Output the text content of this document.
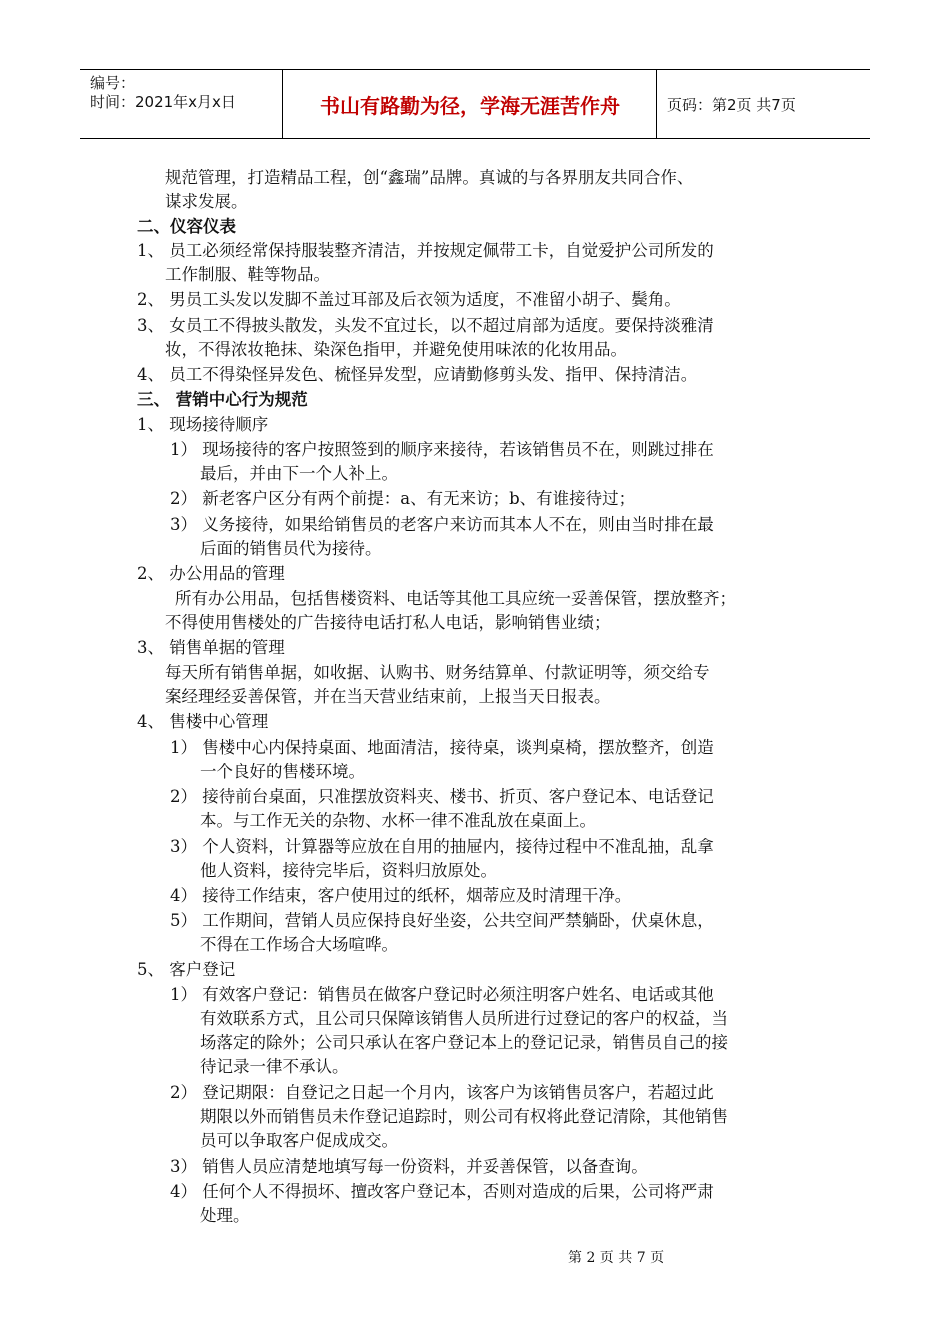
编号：
时间：2021年x月x日	书山有路勤为径，学海无涯苦作舟	页码：第2页 共7页
规范管理，打造精品工程，创“鑫瑞”品牌。真诚的与各界朋友共同合作、
谋求发展。
二、仪容仪表
1、 员工必须经常保持服装整齐清洁，并按规定佩带工卡，自觉爱护公司所发的
工作制服、鞋等物品。
2、 男员工头发以发脚不盖过耳部及后衣领为适度，不准留小胡子、鬓角。
3、 女员工不得披头散发，头发不宜过长，以不超过肩部为适度。要保持淡雅清
妆，不得浓妆艳抹、染深色指甲，并避免使用味浓的化妆用品。
4、 员工不得染怪异发色、梳怪异发型，应请勤修剪头发、指甲、保持清洁。
三、 营销中心行为规范
1、 现场接待顺序
1） 现场接待的客户按照签到的顺序来接待，若该销售员不在，则跳过排在
最后，并由下一个人补上。
2） 新老客户区分有两个前提：a、有无来访；b、有谁接待过；
3） 义务接待，如果给销售员的老客户来访而其本人不在，则由当时排在最
后面的销售员代为接待。
2、 办公用品的管理
所有办公用品，包括售楼资料、电话等其他工具应统一妥善保管，摆放整齐；
不得使用售楼处的广告接待电话打私人电话，影响销售业绩；
3、 销售单据的管理
每天所有销售单据，如收据、认购书、财务结算单、付款证明等，须交给专
案经理经妥善保管，并在当天营业结束前，上报当天日报表。
4、 售楼中心管理
1） 售楼中心内保持桌面、地面清洁，接待桌，谈判桌椅，摆放整齐，创造
一个良好的售楼环境。
2） 接待前台桌面，只准摆放资料夹、楼书、折页、客户登记本、电话登记
本。与工作无关的杂物、水杯一律不准乱放在桌面上。
3） 个人资料，计算器等应放在自用的抽屉内，接待过程中不准乱抽，乱拿
他人资料，接待完毕后，资料归放原处。
4） 接待工作结束，客户使用过的纸杯，烟蒂应及时清理干净。
5） 工作期间，营销人员应保持良好坐姿，公共空间严禁躺卧，伏桌休息，
不得在工作场合大场喧哗。
5、 客户登记
1） 有效客户登记：销售员在做客户登记时必须注明客户姓名、电话或其他
有效联系方式，且公司只保障该销售人员所进行过登记的客户的权益，当
场落定的除外；公司只承认在客户登记本上的登记记录，销售员自己的接
待记录一律不承认。
2） 登记期限：自登记之日起一个月内，该客户为该销售员客户，若超过此
期限以外而销售员未作登记追踪时，则公司有权将此登记清除，其他销售
员可以争取客户促成成交。
3） 销售人员应清楚地填写每一份资料，并妥善保管，以备查询。
4） 任何个人不得损坏、擅改客户登记本，否则对造成的后果，公司将严肃
处理。
第 2 页 共 7 页
